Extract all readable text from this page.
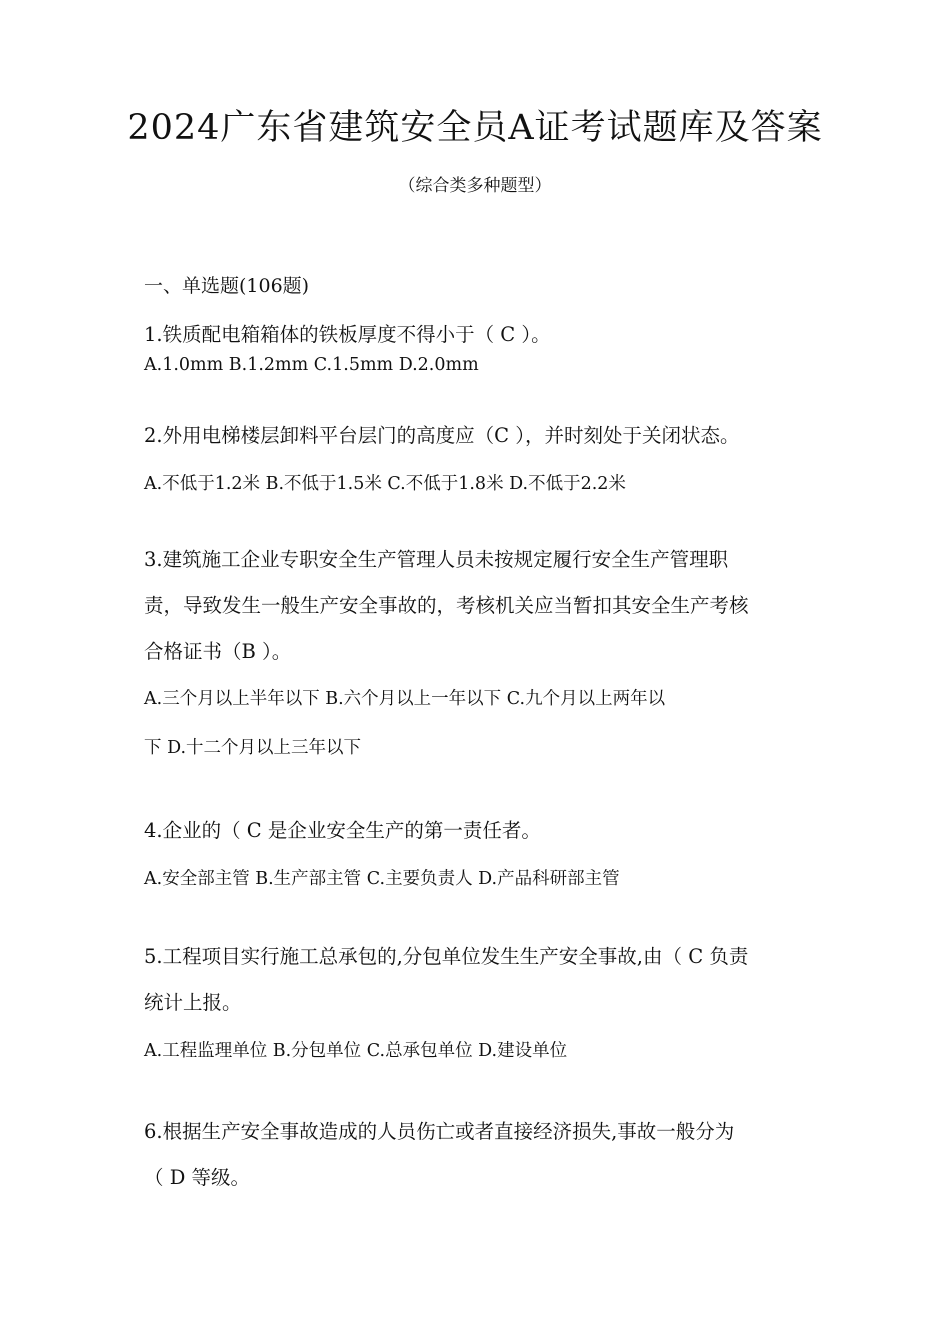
2024广东省建筑安全员A证考试题库及答案
（综合类多种题型）
一、单选题(106题)
1.铁质配电箱箱体的铁板厚度不得小于（ C ）。
A.1.0mm B.1.2mm C.1.5mm D.2.0mm
2.外用电梯楼层卸料平台层门的高度应（C ），并时刻处于关闭状态。
A.不低于1.2米 B.不低于1.5米 C.不低于1.8米 D.不低于2.2米
3.建筑施工企业专职安全生产管理人员未按规定履行安全生产管理职
责，导致发生一般生产安全事故的，考核机关应当暂扣其安全生产考核
合格证书（B ）。
A.三个月以上半年以下 B.六个月以上一年以下 C.九个月以上两年以
下 D.十二个月以上三年以下
4.企业的（ C 是企业安全生产的第一责任者。
A.安全部主管 B.生产部主管 C.主要负责人 D.产品科研部主管
5.工程项目实行施工总承包的,分包单位发生生产安全事故,由（ C 负责
统计上报。
A.工程监理单位 B.分包单位 C.总承包单位 D.建设单位
6.根据生产安全事故造成的人员伤亡或者直接经济损失,事故一般分为
（ D 等级。
